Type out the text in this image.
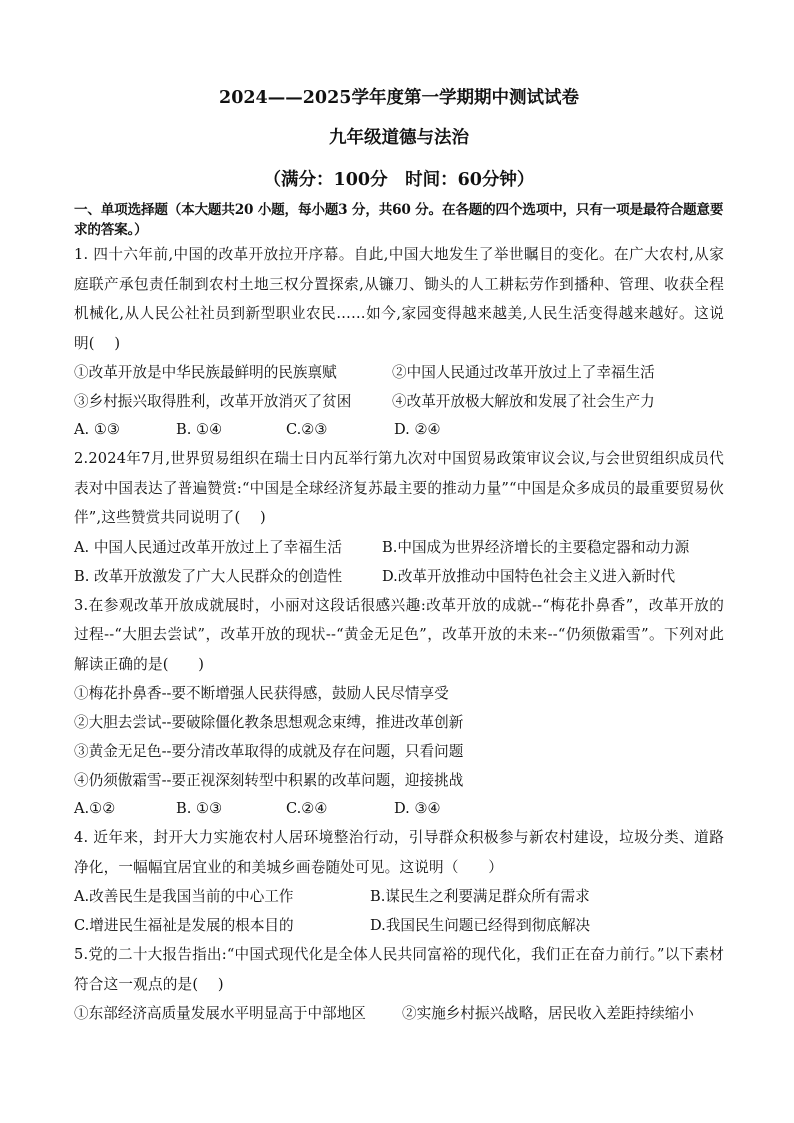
2024——2025学年度第一学期期中测试试卷
九年级道德与法治
（满分：100分　时间：60分钟）
一、单项选择题（本大题共20 小题，每小题3 分，共60 分。在各题的四个选项中，只有一项是最符合题意要求的答案。）

1. 四十六年前,中国的改革开放拉开序幕。自此,中国大地发生了举世瞩目的变化。在广大农村,从家庭联产承包责任制到农村土地三权分置探索,从镰刀、锄头的人工耕耘劳作到播种、管理、收获全程机械化,从人民公社社员到新型职业农民……如今,家园变得越来越美,人民生活变得越来越好。这说明(　 )

①改革开放是中华民族最鲜明的民族禀赋	②中国人民通过改革开放过上了幸福生活
③乡村振兴取得胜利，改革开放消灭了贫困	④改革开放极大解放和发展了社会生产力
A. ①③	B. ①④	C.②③	D. ②④

2.2024年7月,世界贸易组织在瑞士日内瓦举行第九次对中国贸易政策审议会议,与会世贸组织成员代表对中国表达了普遍赞赏:“中国是全球经济复苏最主要的推动力量”“中国是众多成员的最重要贸易伙伴”,这些赞赏共同说明了(　 )

A. 中国人民通过改革开放过上了幸福生活	B.中国成为世界经济增长的主要稳定器和动力源
B. 改革开放激发了广大人民群众的创造性	D.改革开放推动中国特色社会主义进入新时代

3.在参观改革开放成就展时，小丽对这段话很感兴趣:改革开放的成就--“梅花扑鼻香”，改革开放的过程--“大胆去尝试”，改革开放的现状--“黄金无足色”，改革开放的未来--“仍须傲霜雪”。下列对此解读正确的是(　　)

①梅花扑鼻香--要不断增强人民获得感，鼓励人民尽情享受
②大胆去尝试--要破除僵化教条思想观念束缚，推进改革创新
③黄金无足色--要分清改革取得的成就及存在问题，只看问题
④仍须傲霜雪--要正视深刻转型中积累的改革问题，迎接挑战
A.①②	B. ①③	C.②④	D. ③④

4. 近年来，封开大力实施农村人居环境整治行动，引导群众积极参与新农村建设，垃圾分类、道路净化，一幅幅宜居宜业的和美城乡画卷随处可见。这说明（　　）

A.改善民生是我国当前的中心工作	B.谋民生之利要满足群众所有需求
C.增进民生福祉是发展的根本目的	D.我国民生问题已经得到彻底解决

5.党的二十大报告指出:“中国式现代化是全体人民共同富裕的现代化，我们正在奋力前行。”以下素材符合这一观点的是(　 )

①东部经济高质量发展水平明显高于中部地区	②实施乡村振兴战略，居民收入差距持续缩小
